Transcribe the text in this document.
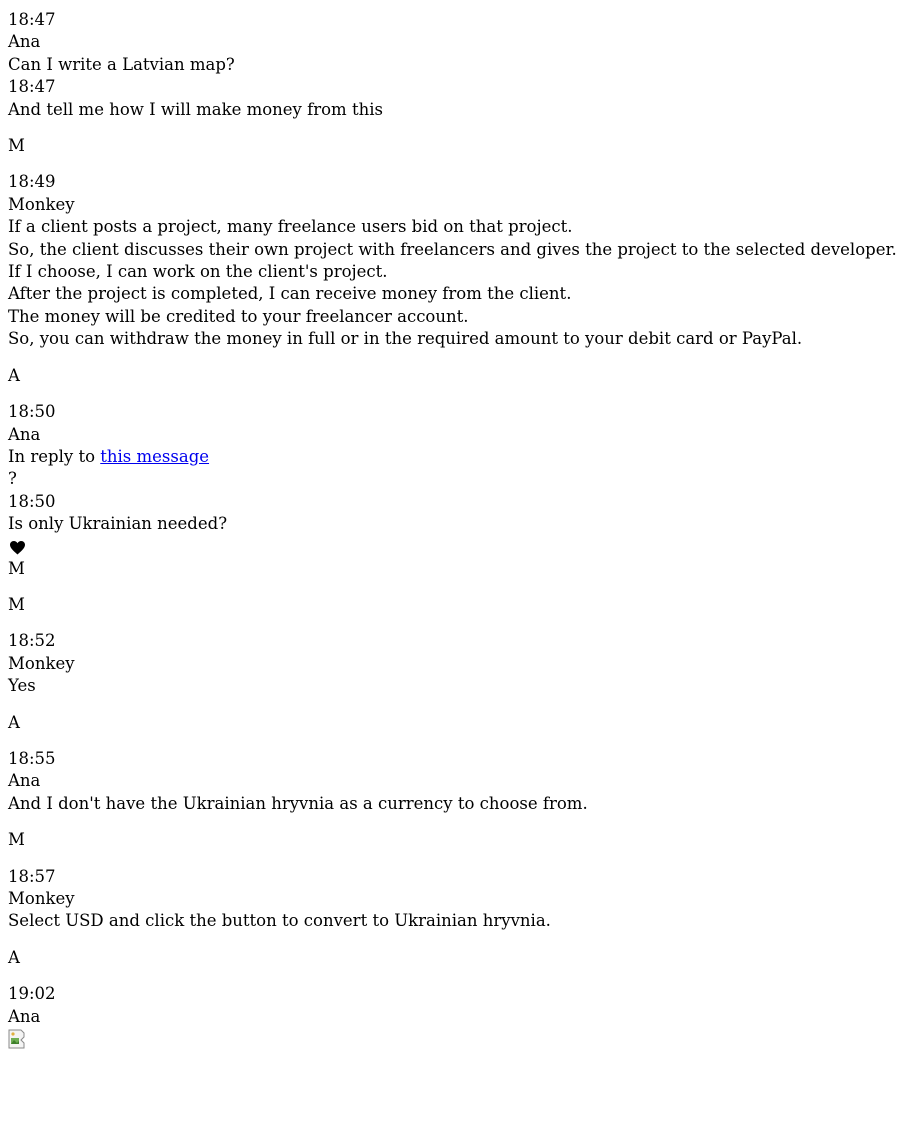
18:47
Ana
Can I write a Latvian map?
18:47
And tell me how I will make money from this
M
18:49
Monkey
If a client posts a project, many freelance users bid on that project.
So, the client discusses their own project with freelancers and gives the project to the selected developer.
If I choose, I can work on the client's project.
After the project is completed, I can receive money from the client.
The money will be credited to your freelancer account.
So, you can withdraw the money in full or in the required amount to your debit card or PayPal.
A
18:50
Ana
In reply to this message
?
18:50
Is only Ukrainian needed?
M
M
18:52
Monkey
Yes
A
18:55
Ana
And I don't have the Ukrainian hryvnia as a currency to choose from.
M
18:57
Monkey
Select USD and click the button to convert to Ukrainian hryvnia.
A
19:02
Ana
